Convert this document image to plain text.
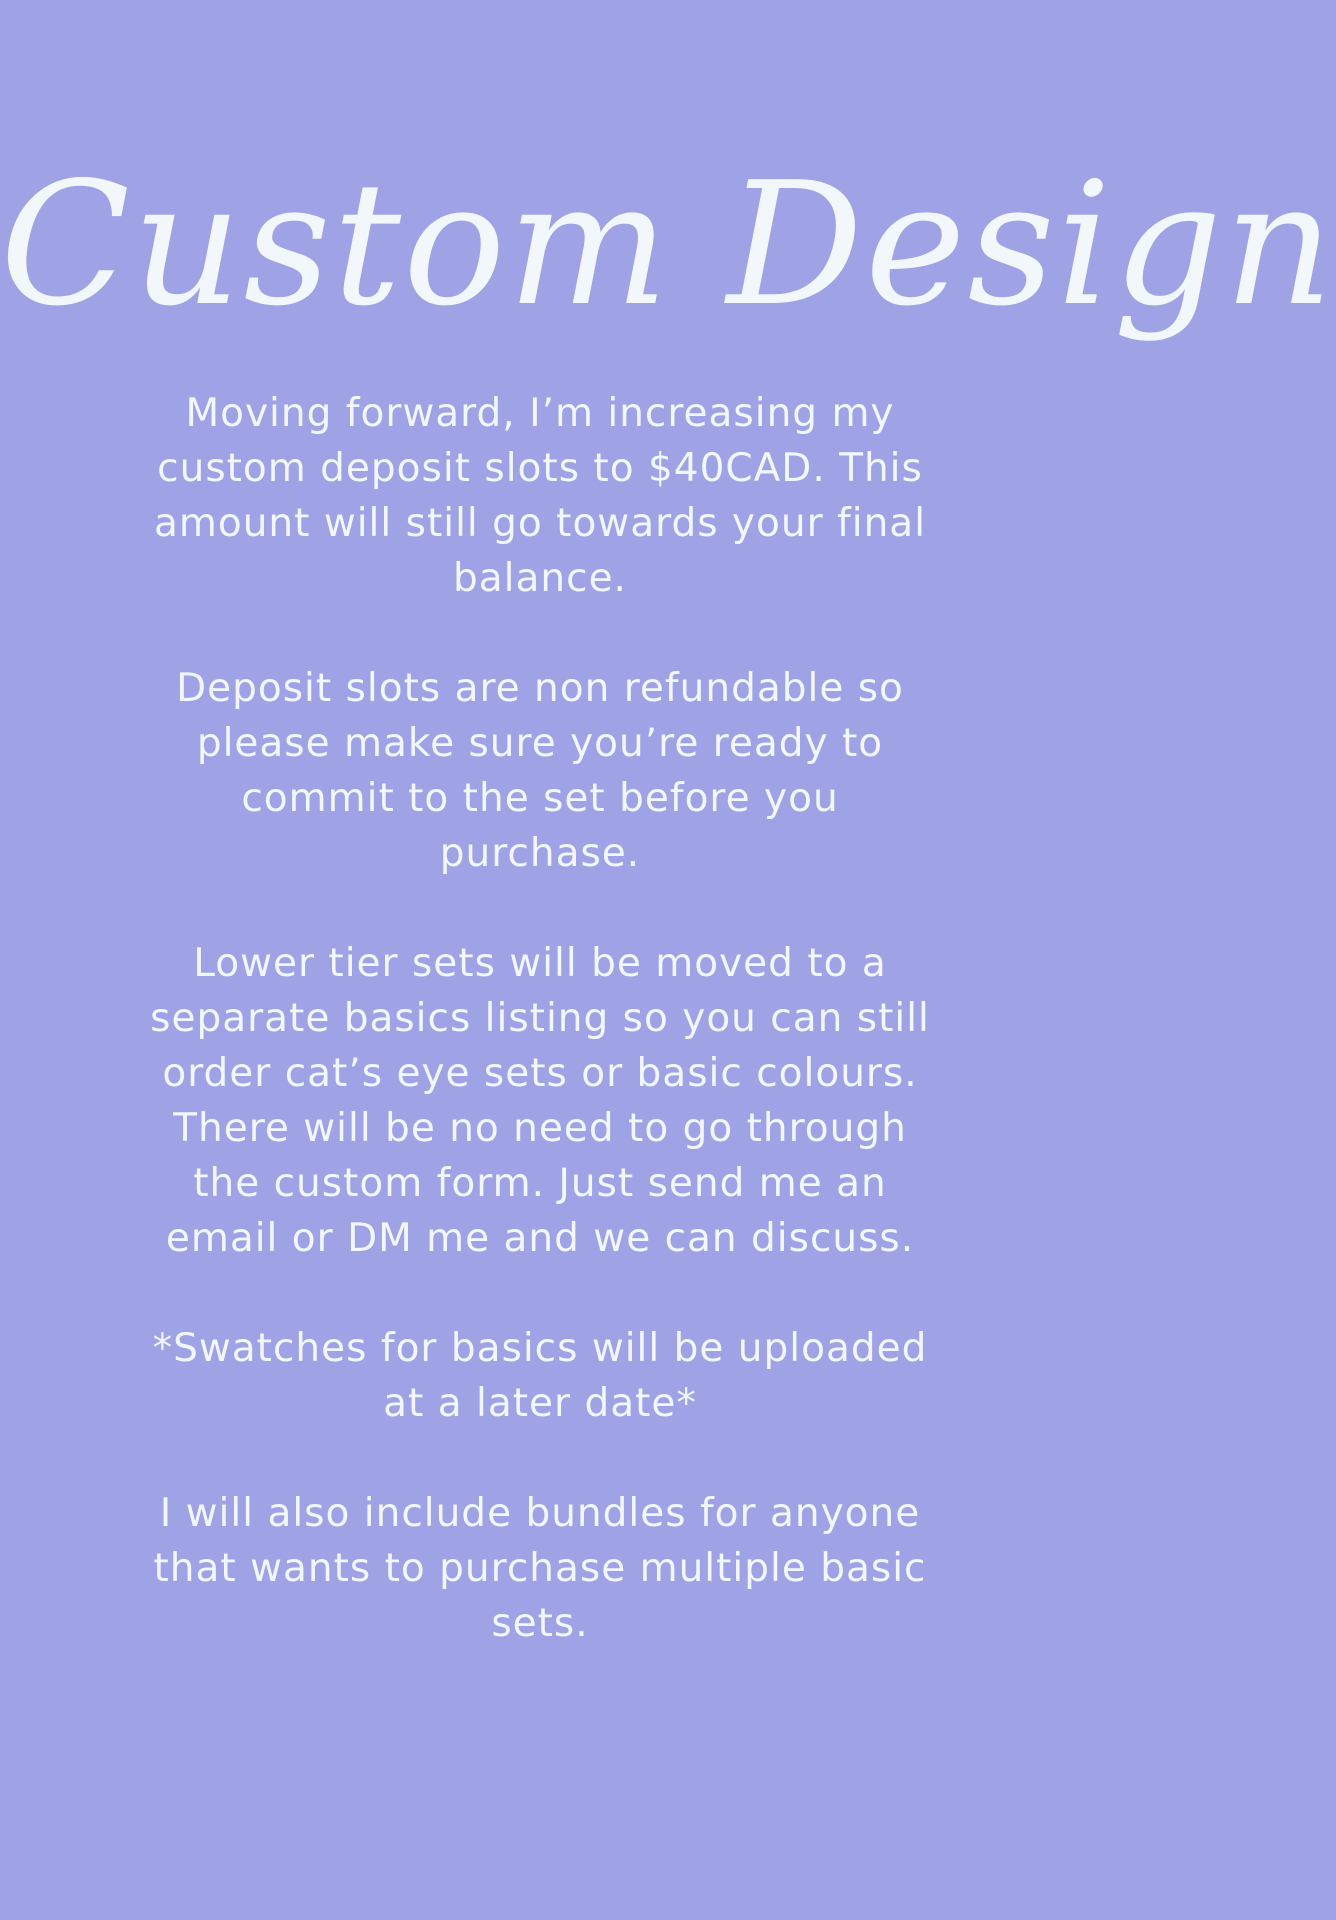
Custom Design

Moving forward, I’m increasing my custom deposit slots to $40CAD. This amount will still go towards your final balance.

Deposit slots are non refundable so please make sure you’re ready to commit to the set before you purchase.

Lower tier sets will be moved to a separate basics listing so you can still order cat’s eye sets or basic colours. There will be no need to go through the custom form. Just send me an email or DM me and we can discuss.

*Swatches for basics will be uploaded at a later date*

I will also include bundles for anyone that wants to purchase multiple basic sets.
